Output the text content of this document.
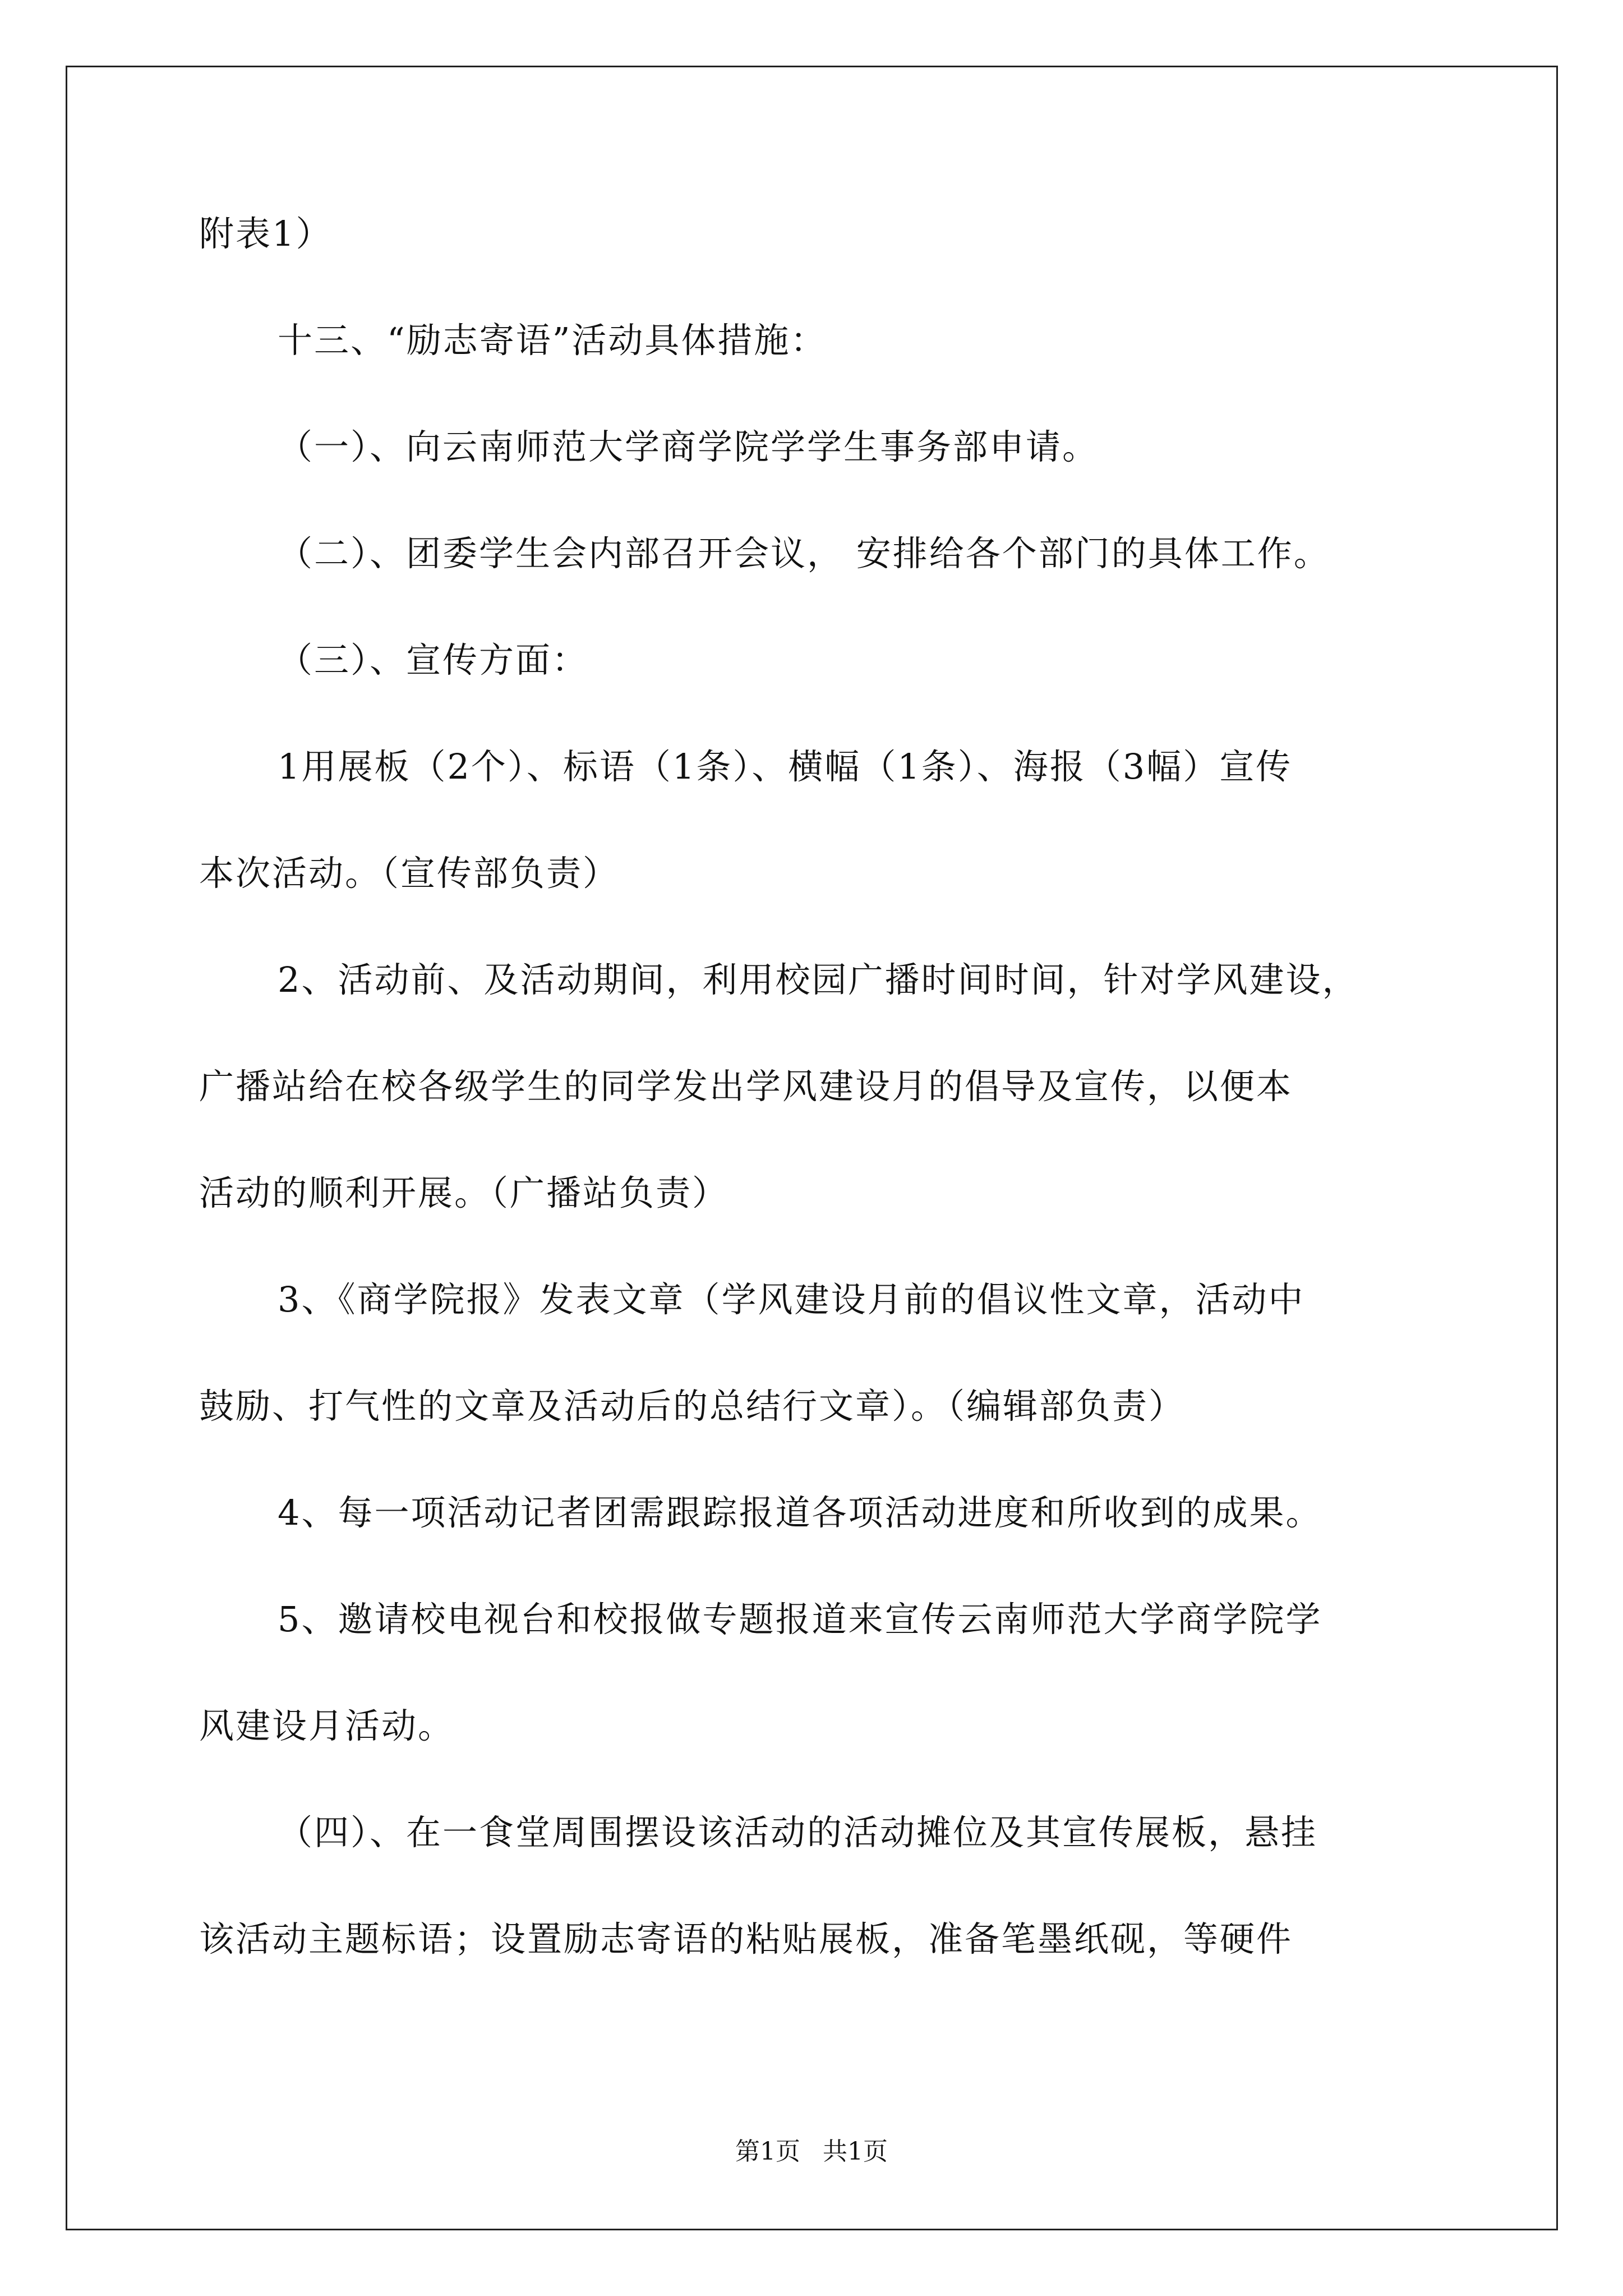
附表1）
十三、“励志寄语”活动具体措施：
（一）、向云南师范大学商学院学学生事务部申请。
（二）、团委学生会内部召开会议， 安排给各个部门的具体工作。
（三）、宣传方面：
1用展板（2个）、标语（1条）、横幅（1条）、海报（3幅）宣传
本次活动。（宣传部负责）
2、活动前、及活动期间，利用校园广播时间时间，针对学风建设，
广播站给在校各级学生的同学发出学风建设月的倡导及宣传，以便本
活动的顺利开展。（广播站负责）
3、《商学院报》发表文章（学风建设月前的倡议性文章，活动中
鼓励、打气性的文章及活动后的总结行文章）。（编辑部负责）
4、每一项活动记者团需跟踪报道各项活动进度和所收到的成果。
5、邀请校电视台和校报做专题报道来宣传云南师范大学商学院学
风建设月活动。
（四）、在一食堂周围摆设该活动的活动摊位及其宣传展板，悬挂
该活动主题标语；设置励志寄语的粘贴展板，准备笔墨纸砚，等硬件
第1页 共1页
